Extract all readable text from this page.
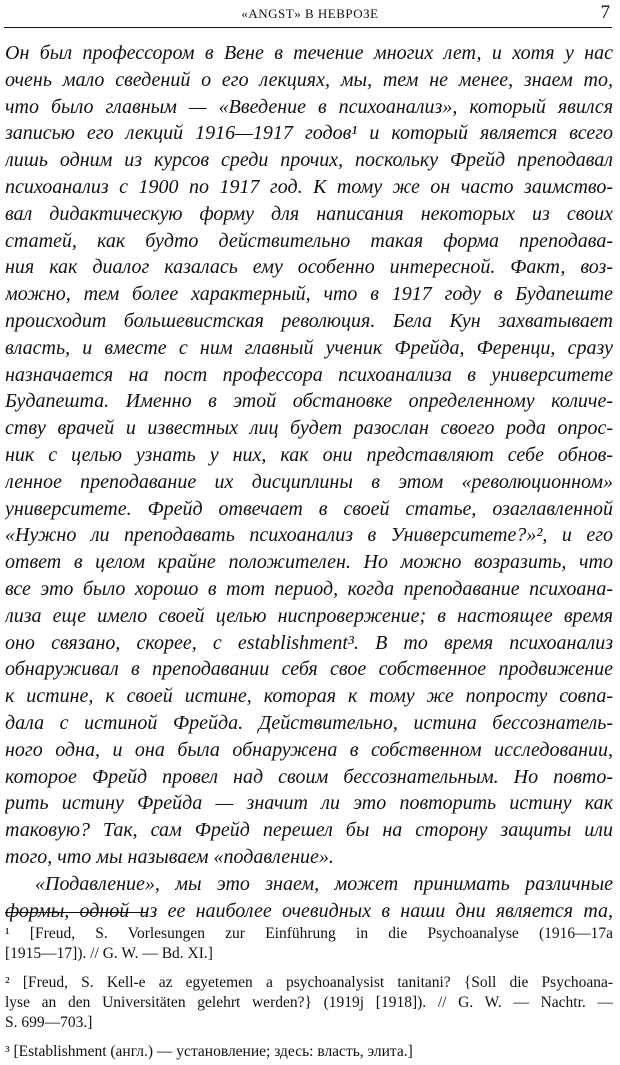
«ANGST» В НЕВРОЗЕ	7
Он был профессором в Вене в течение многих лет, и хотя у нас
очень мало сведений о его лекциях, мы, тем не менее, знаем то,
что было главным — «Введение в психоанализ», который явился
записью его лекций 1916—1917 годов¹ и который является всего
лишь одним из курсов среди прочих, поскольку Фрейд преподавал
психоанализ с 1900 по 1917 год. К тому же он часто заимство-
вал дидактическую форму для написания некоторых из своих
статей, как будто действительно такая форма преподава-
ния как диалог казалась ему особенно интересной. Факт, воз-
можно, тем более характерный, что в 1917 году в Будапеште
происходит большевистская революция. Бела Кун захватывает
власть, и вместе с ним главный ученик Фрейда, Ференци, сразу
назначается на пост профессора психоанализа в университете
Будапешта. Именно в этой обстановке определенному количе-
ству врачей и известных лиц будет разослан своего рода опрос-
ник с целью узнать у них, как они представляют себе обнов-
ленное преподавание их дисциплины в этом «революционном»
университете. Фрейд отвечает в своей статье, озаглавленной
«Нужно ли преподавать психоанализ в Университете?»², и его
ответ в целом крайне положителен. Но можно возразить, что
все это было хорошо в тот период, когда преподавание психоана-
лиза еще имело своей целью ниспровержение; в настоящее время
оно связано, скорее, с establishment³. В то время психоанализ
обнаруживал в преподавании себя свое собственное продвижение
к истине, к своей истине, которая к тому же попросту совпа-
дала с истиной Фрейда. Действительно, истина бессознатель-
ного одна, и она была обнаружена в собственном исследовании,
которое Фрейд провел над своим бессознательным. Но повто-
рить истину Фрейда — значит ли это повторить истину как
таковую? Так, сам Фрейд перешел бы на сторону защиты или
того, что мы называем «подавление».
«Подавление», мы это знаем, может принимать различные
формы, одной из ее наиболее очевидных в наши дни является та,
¹ [Freud, S. Vorlesungen zur Einführung in die Psychoanalyse (1916—17a
[1915—17]). // G. W. — Bd. XI.]
² [Freud, S. Kell-e az egyetemen a psychoanalysist tanitani? {Soll die Psychoana-
lyse an den Universitäten gelehrt werden?} (1919j [1918]). // G. W. — Nachtr. —
S. 699—703.]
³ [Establishment (англ.) — установление; здесь: власть, элита.]
